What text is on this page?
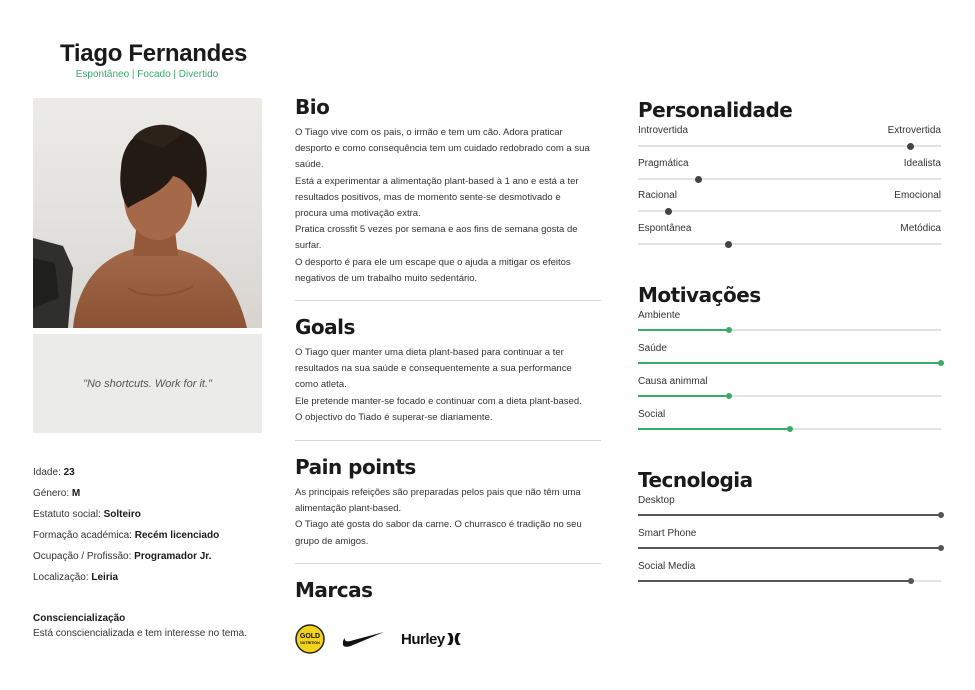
Tiago Fernandes
Espontâneo | Focado | Divertido
"No shortcuts. Work for it."
Idade: 23
Género: M
Estatuto social: Solteiro
Formação académica: Recém licenciado
Ocupação / Profissão: Programador Jr.
Localização: Leiria
Consciencialização
Está consciencializada e tem interesse no tema.
Bio
O Tiago vive com os pais, o irmão e tem um cão. Adora praticar
desporto e como consequência tem um cuidado redobrado com a sua
saúde.
Está a experimentar a alimentação plant-based à 1 ano e está a ter
resultados positivos, mas de momento sente-se desmotivado e
procura uma motivação extra.
Pratica crossfit 5 vezes por semana e aos fins de semana gosta de
surfar.
O desporto é para ele um escape que o ajuda a mitigar os efeitos
negativos de um trabalho muito sedentário.
Goals
O Tiago quer manter uma dieta plant-based para continuar a ter
resultados na sua saúde e consequentemente a sua performance
como atleta.
Ele pretende manter-se focado e continuar com a dieta plant-based.
O objectivo do Tiado é superar-se diariamente.
Pain points
As principais refeições são preparadas pelos pais que não têm uma
alimentação plant-based.
O Tiago até gosta do sabor da carne. O churrasco é tradição no seu
grupo de amigos.
Marcas
GOLD
NUTRITION	Hurley
Personalidade
Introvertida	Extrovertida
Pragmática	Idealista
Racional	Emocional
Espontânea	Metódica
Motivações
Ambiente
Saúde
Causa animmal
Social
Tecnologia
Desktop
Smart Phone
Social Media
